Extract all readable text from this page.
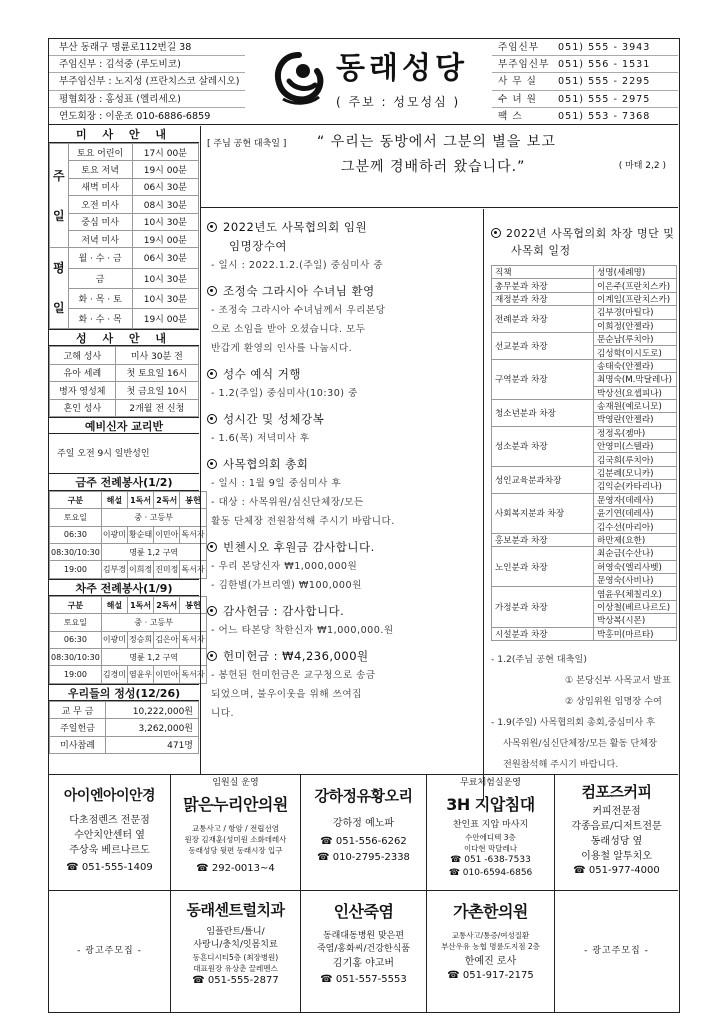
부산 동래구 명륜로112번길 38
주임신부 : 김석중 (루도비코)
부주임신부 : 노지성 (프란치스코 살레시오)
평협회장 : 홍성표 (엘리세오)
연도회장 : 이운조 010-6886-6859
동래성당
( 주보 : 성모성심 )
주임신부	051) 555 - 3943
부주임신부 051) 556 - 1531
사 무 실	051) 555 - 2295
수 녀 원	051) 555 - 2975
팩 스	051) 553 - 7368
미 사 안 내
주
일	토요 어린이	17시 00분
	토요 저녁	19시 00분
	새벽 미사	06시 30분
	오전 미사	08시 30분
	중심 미사	10시 30분
	저녁 미사	19시 00분
평
일	월 · 수 · 금	06시 30분
	금	10시 30분
	화 · 목 · 토	10시 30분
	화 · 수 · 목	19시 00분
성 사 안 내
고해 성사	미사 30분 전
유아 세례	첫 토요일 16시
병자 영성체	첫 금요일 10시
혼인 성사	2개월 전 신청
예비신자 교리반
주일 오전 9시 일반성인
금주 전례봉사(1/2)
구분	해설	1독서	2독서	봉헌
토요일	중 · 고등부			
06:30	이광미	황순태	이민아	독서자
08:30/10:30	명륜 1,2 구역			
19:00	김부경	이희정	진미정	독서자
차주 전례봉사(1/9)
구분	해설	1독서	2독서	봉헌
토요일	중 · 고등부			
06:30	이광미	정승희	김은아	독서자
08:30/10:30	명륜 1,2 구역			
19:00	김경미	염윤우	이민아	독서자
우리들의 정성(12/26)
교 무 금	10,222,000원
주일헌금	3,262,000원
미사참례	471명
[ 주님 공현 대축일 ] “ 우리는 동방에서 그분의 별을 보고
그분께 경배하러 왔습니다.”	( 마태 2,2 )
2022년도 사목협의회 임원
임명장수여

- 일시 : 2022.1.2.(주일) 중심미사 중

조정숙 그라시아 수녀님 환영

- 조정숙 그라시아 수녀님께서 우리본당

으로 소임을 받아 오셨습니다. 모두

반갑게 환영의 인사를 나눕시다.

성수 예식 거행

- 1.2(주일) 중심미사(10:30) 중

성시간 및 성체강복

- 1.6(목) 저녁미사 후

사목협의회 총회

- 일시 : 1월 9일 중심미사 후

- 대상 : 사목위원/심신단체장/모든

활동 단체장 전원참석해 주시기 바랍니다.

빈첸시오 후원금 감사합니다.

- 우리 본당신자 ₩1,000,000원

- 김한별(가브리엘) ₩100,000원

감사헌금 : 감사합니다.

- 어느 타본당 착한신자 ₩1,000,000.원

헌미헌금 : ₩4,236,000원

- 봉헌된 헌미헌금은 교구청으로 송금

되었으며, 불우이웃을 위해 쓰여집

니다.

2022년 사목협의회 차장 명단 및
사목회 일정
직책	성명(세례명)
총무분과 차장	이은주(프란치스카)
재정분과 차장	이계임(프란치스카)
전례분과 차장	김부경(마틸다)
	이희정(안젤라)
선교분과 차장	문순남(루치아)
	김성학(이시도로)
구역분과 차장	송태숙(안젤라)
	최명숙(M.막달레나)
	박상선(요셉피나)
청소년분과 차장	송재원(예로니모)
	박영란(안젤라)
성소분과 차장	정정옥(젬마)
	안영미(스텔라)
	김국희(루치아)
성인교육분과차장	김분례(모니카)
	김익순(카타리나)
사회복지분과 차장	문영자(데레사)
	윤기연(데레사)
	김수선(마리아)
홍보분과 차장	하만제(요한)
노인분과 차장	최순금(수산나)
	허영숙(엘리사벳)
	문영숙(사비나)
가정분과 차장	염윤우(체칠리오)
	이상철(베르나르도)
	박상복(시몬)
시설분과 차장	박홍미(마르타)
- 1.2(주님 공현 대축일)
① 본당신부 사목교서 발표
② 상임위원 임명장 수여
- 1.9(주일) 사목협의회 총회,중심미사 후
사목위원/심신단체장/모든 활동 단체장
전원참석해 주시기 바랍니다.
아이엔아이안경
다초점렌즈 전문점
수안치안센터 옆
주상욱 베르나르도
☎ 051-555-1409
임원실 운영
맑은누리안의원
교통사고 / 항암 / 전립선염
원장 김재훈(성미원 소화데레사
동래성당 뒷편 동래시장 입구
☎ 292-0013~4
강하정유황오리
강하정 예노파
☎ 051-556-6262
☎ 010-2795-2338
무료체험실운영
3H 지압침대
찬인표 지압 마사지
수안에디텍 3층
이다현 막달레나
☎ 051 -638-7533
☎ 010-6594-6856
컴포즈커피
커피전문점
각종음료/디저트전문
동래성당 옆
이용철 알투치오
☎ 051-977-4000
- 광고주모집 -
동래센트럴치과
임플란트/틀니/
사랑니/충치/잇몸치료
동흔디시티5층 (최장병원)
대표원장 유상춘 끌레멘스
☎ 051-555-2877
인산죽염
동래대동병원 맞은편
죽염/홍화씨/건강한식품
김기홍 야고버
☎ 051-557-5553
가촌한의원
교통사고/통증/여성질환
부산우유 농협 명륜도지점 2층
한예진 로사
☎ 051-917-2175
- 광고주모집 -
